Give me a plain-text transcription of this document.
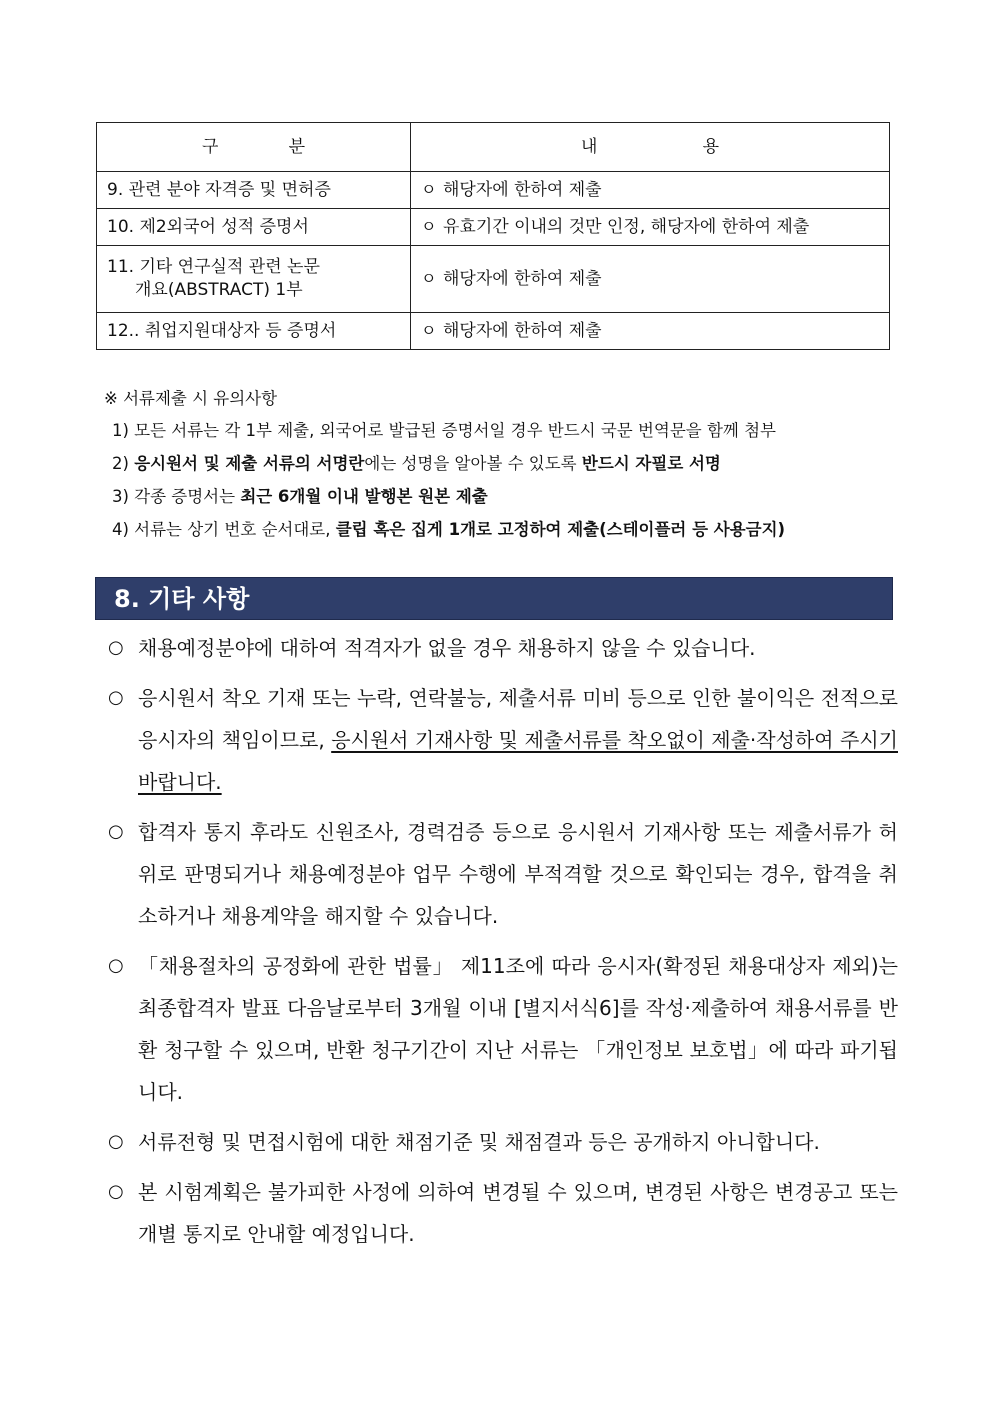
구 분	내 용

9. 관련 분야 자격증 및 면허증	ㅇ 해당자에 한하여 제출
10. 제2외국어 성적 증명서	ㅇ 유효기간 이내의 것만 인정, 해당자에 한하여 제출

11. 기타 연구실적 관련 논문
개요(ABSTRACT) 1부	ㅇ 해당자에 한하여 제출
12.. 취업지원대상자 등 증명서	ㅇ 해당자에 한하여 제출
※ 서류제출 시 유의사항
1) 모든 서류는 각 1부 제출, 외국어로 발급된 증명서일 경우 반드시 국문 번역문을 함께 첨부
2) 응시원서 및 제출 서류의 서명란에는 성명을 알아볼 수 있도록 반드시 자필로 서명
3) 각종 증명서는 최근 6개월 이내 발행본 원본 제출
4) 서류는 상기 번호 순서대로, 클립 혹은 집게 1개로 고정하여 제출(스테이플러 등 사용금지)
8. 기타 사항
○ 채용예정분야에 대하여 적격자가 없을 경우 채용하지 않을 수 있습니다.
○ 응시원서 착오 기재 또는 누락, 연락불능, 제출서류 미비 등으로 인한 불이익은 전적으로 응시자의 책임이므로, 응시원서 기재사항 및 제출서류를 착오없이 제출·작성하여 주시기 바랍니다.
○ 합격자 통지 후라도 신원조사, 경력검증 등으로 응시원서 기재사항 또는 제출서류가 허위로 판명되거나 채용예정분야 업무 수행에 부적격할 것으로 확인되는 경우, 합격을 취소하거나 채용계약을 해지할 수 있습니다.
○ 「채용절차의 공정화에 관한 법률」 제11조에 따라 응시자(확정된 채용대상자 제외)는 최종합격자 발표 다음날로부터 3개월 이내 [별지서식6]를 작성·제출하여 채용서류를 반환 청구할 수 있으며, 반환 청구기간이 지난 서류는 「개인정보 보호법」에 따라 파기됩니다.
○ 서류전형 및 면접시험에 대한 채점기준 및 채점결과 등은 공개하지 아니합니다.
○ 본 시험계획은 불가피한 사정에 의하여 변경될 수 있으며, 변경된 사항은 변경공고 또는 개별 통지로 안내할 예정입니다.
